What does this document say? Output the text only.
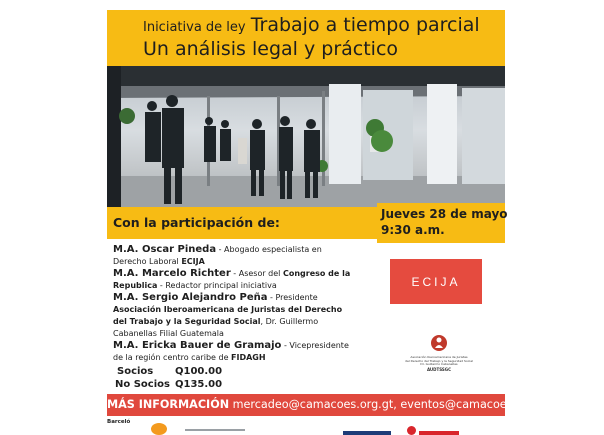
Iniciativa de ley Trabajo a tiempo parcial
Un análisis legal y práctico
Con la participación de:
Jueves 28 de mayo
9:30 a.m.

M.A. Oscar Pineda - Abogado especialista en Derecho Laboral ECIJA

M.A. Marcelo Richter - Asesor del Congreso de la Republica - Redactor principal iniciativa

M.A. Sergio Alejandro Peña - Presidente Asociación Iberoamericana de Juristas del Derecho del Trabajo y la Seguridad Social, Dr. Guillermo Cabanellas Filial Guatemala

M.A. Ericka Bauer de Gramajo - Vicepresidente de la región centro caribe de FIDAGH

ECIJA
Asociación Iberoamericana de Juristas
del Derecho del Trabajo y la Seguridad Social
Dr. Guillermo Cabanellas
AUDTSSGC
Socios Q100.00
No Socios Q135.00
MÁS INFORMACIÓN mercadeo@camacoes.org.gt, eventos@camacoes.org.gt
Barceló
